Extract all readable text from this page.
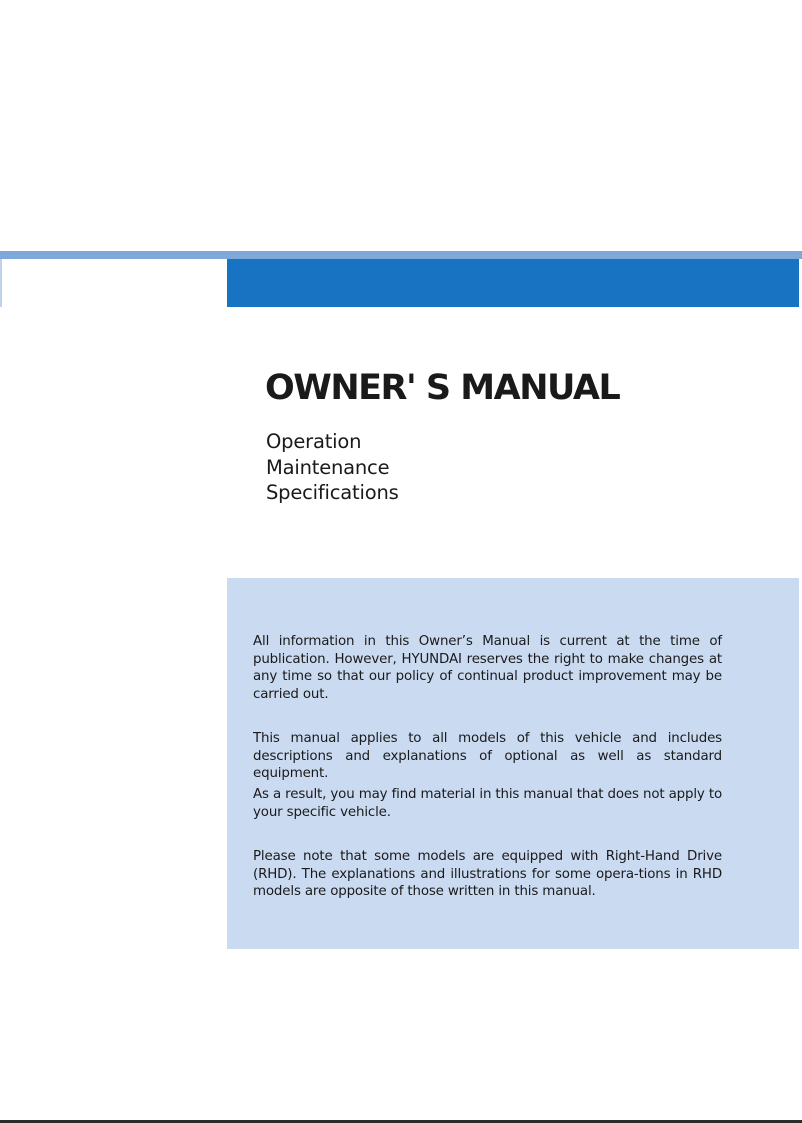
OWNER' S MANUAL
Operation
Maintenance
Specifications

All information in this Owner’s Manual is current at the time of publication. However, HYUNDAI reserves the right to make changes at any time so that our policy of continual product improvement may be carried out.

This manual applies to all models of this vehicle and includes descriptions and explanations of optional as well as standard equipment.

As a result, you may find material in this manual that does not apply to your specific vehicle.

Please note that some models are equipped with Right-Hand Drive (RHD). The explanations and illustrations for some opera-tions in RHD models are opposite of those written in this manual.
